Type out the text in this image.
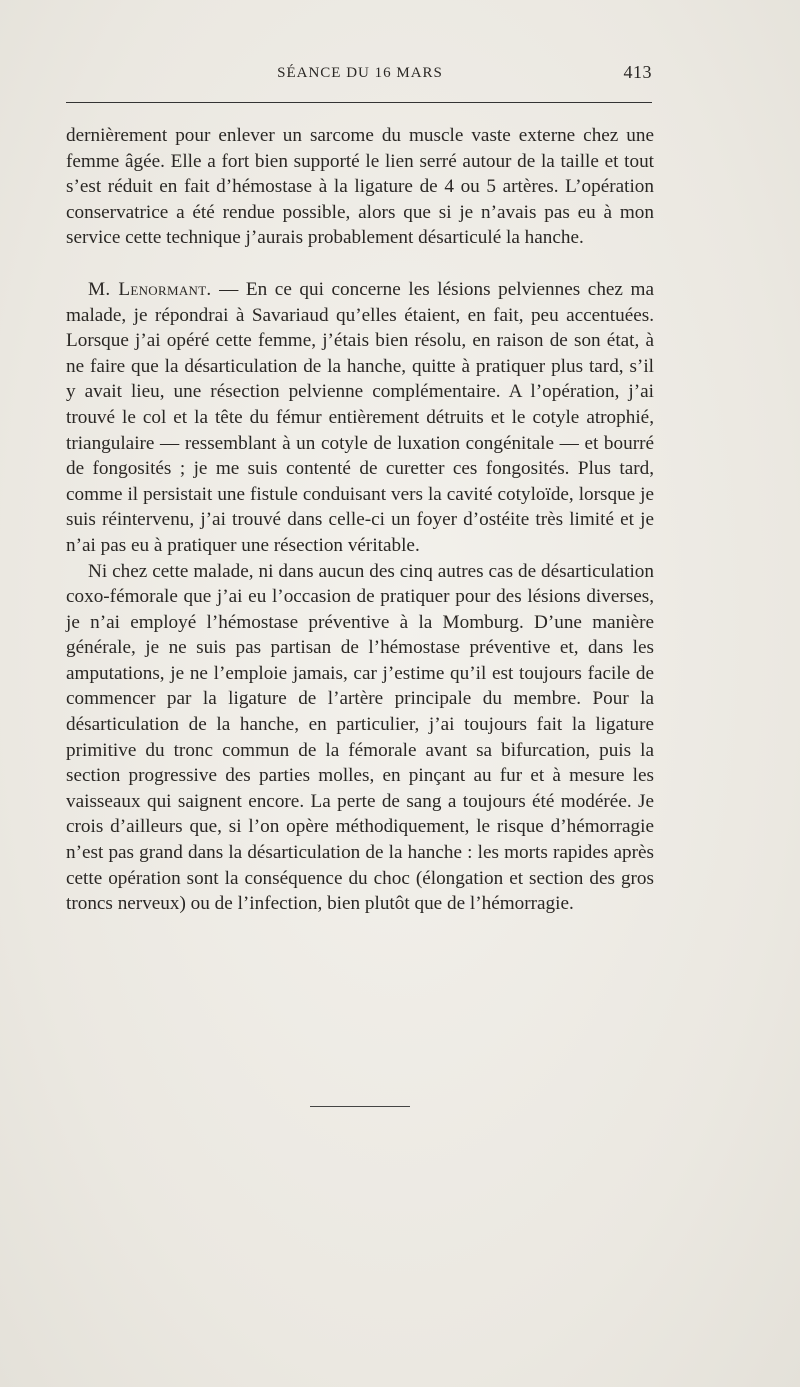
SÉANCE DU 16 MARS	413

dernièrement pour enlever un sarcome du muscle vaste externe chez une femme âgée. Elle a fort bien supporté le lien serré autour de la taille et tout s’est réduit en fait d’hémostase à la ligature de 4 ou 5 artères. L’opération conservatrice a été rendue possible, alors que si je n’avais pas eu à mon service cette technique j’aurais probablement désarticulé la hanche.

M. Lenormant. — En ce qui concerne les lésions pelviennes chez ma malade, je répondrai à Savariaud qu’elles étaient, en fait, peu accentuées. Lorsque j’ai opéré cette femme, j’étais bien résolu, en raison de son état, à ne faire que la désarticulation de la hanche, quitte à pratiquer plus tard, s’il y avait lieu, une résection pelvienne complémentaire. A l’opération, j’ai trouvé le col et la tête du fémur entièrement détruits et le cotyle atrophié, triangulaire — ressemblant à un cotyle de luxation congénitale — et bourré de fongosités ; je me suis contenté de curetter ces fongosités. Plus tard, comme il persistait une fistule conduisant vers la cavité cotyloïde, lorsque je suis réintervenu, j’ai trouvé dans celle-ci un foyer d’ostéite très limité et je n’ai pas eu à pratiquer une résection véritable.

Ni chez cette malade, ni dans aucun des cinq autres cas de désarticulation coxo-fémorale que j’ai eu l’occasion de pratiquer pour des lésions diverses, je n’ai employé l’hémostase préventive à la Momburg. D’une manière générale, je ne suis pas partisan de l’hémostase préventive et, dans les amputations, je ne l’emploie jamais, car j’estime qu’il est toujours facile de commencer par la ligature de l’artère principale du membre. Pour la désarticulation de la hanche, en particulier, j’ai toujours fait la ligature primitive du tronc commun de la fémorale avant sa bifurcation, puis la section progressive des parties molles, en pinçant au fur et à mesure les vaisseaux qui saignent encore. La perte de sang a toujours été modérée. Je crois d’ailleurs que, si l’on opère méthodiquement, le risque d’hémorragie n’est pas grand dans la désarticulation de la hanche : les morts rapides après cette opération sont la conséquence du choc (élongation et section des gros troncs nerveux) ou de l’infection, bien plutôt que de l’hémorragie.
